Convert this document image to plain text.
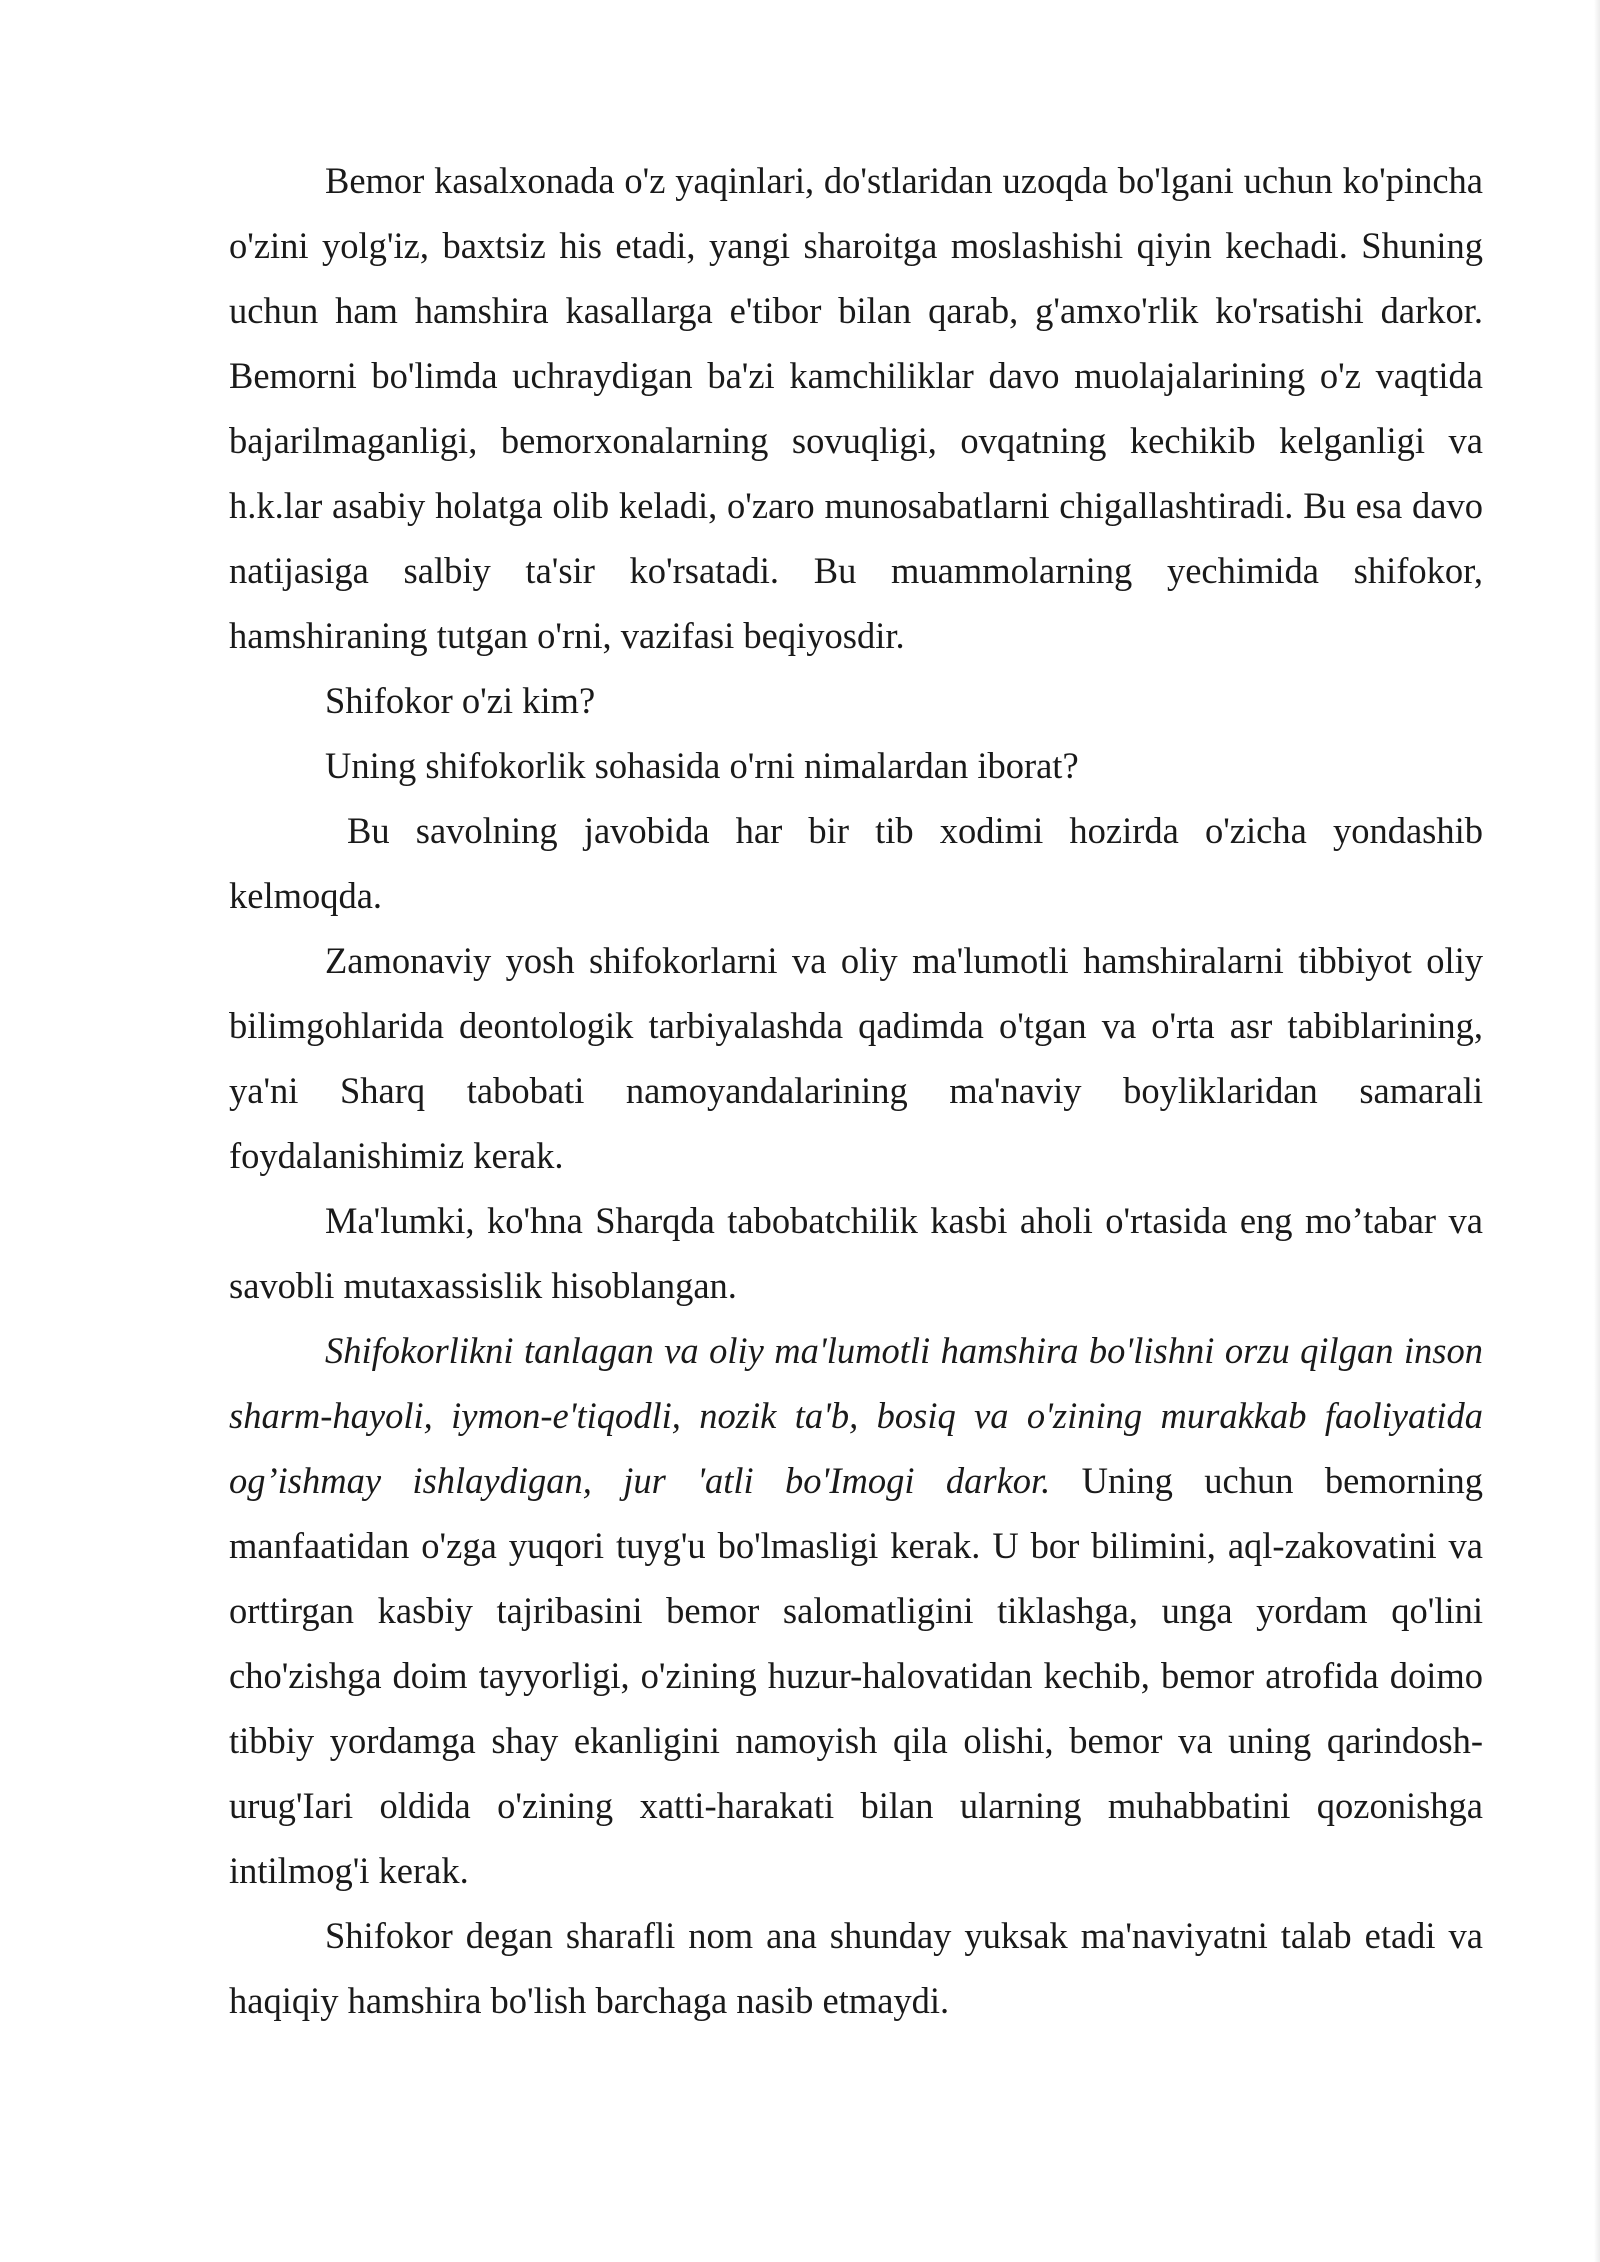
Bemor kasalxonada o'z yaqinlari, do'stlaridan uzoqda bo'lgani uchun ko'pincha o'zini yolg'iz, baxtsiz his etadi, yangi sharoitga moslashishi qiyin kechadi. Shuning uchun ham hamshira kasallarga e'tibor bilan qarab, g'amxo'rlik ko'rsatishi darkor. Bemorni bo'limda uchraydigan ba'zi kamchiliklar davo muolajalarining o'z vaqtida bajarilmaganligi, bemorxonalarning sovuqligi, ovqatning kechikib kelganligi va h.k.lar asabiy holatga olib keladi, o'zaro munosabatlarni chigallashtiradi. Bu esa davo natijasiga salbiy ta'sir ko'rsatadi. Bu muammolarning yechimida shifokor, hamshiraning tutgan o'rni, vazifasi beqiyosdir.

Shifokor o'zi kim?

Uning shifokorlik sohasida o'rni nimalardan iborat?

Bu savolning javobida har bir tib xodimi hozirda o'zicha yondashib kelmoqda.

Zamonaviy yosh shifokorlarni va oliy ma'lumotli hamshiralarni tibbiyot oliy bilimgohlarida deontologik tarbiyalashda qadimda o'tgan va o'rta asr tabiblarining, ya'ni Sharq tabobati namoyandalarining ma'naviy boyliklaridan samarali foydalanishimiz kerak.

Ma'lumki, ko'hna Sharqda tabobatchilik kasbi aholi o'rtasida eng mo’tabar va savobli mutaxassislik hisoblangan.

Shifokorlikni tanlagan va oliy ma'lumotli hamshira bo'lishni orzu qilgan inson sharm-hayoli, iymon-e'tiqodli, nozik ta'b, bosiq va o'zining murakkab faoliyatida og’ishmay ishlaydigan, jur 'atli bo'Imogi darkor. Uning uchun bemorning manfaatidan o'zga yuqori tuyg'u bo'lmasligi kerak. U bor bilimini, aql-zakovatini va orttirgan kasbiy tajribasini bemor salomatligini tiklashga, unga yordam qo'lini cho'zishga doim tayyorligi, o'zining huzur-halovatidan kechib, bemor atrofida doimo tibbiy yordamga shay ekanligini namoyish qila olishi, bemor va uning qarindosh-urug'Iari oldida o'zining xatti-harakati bilan ularning muhabbatini qozonishga intilmog'i kerak.

Shifokor degan sharafli nom ana shunday yuksak ma'naviyatni talab etadi va haqiqiy hamshira bo'lish barchaga nasib etmaydi.
